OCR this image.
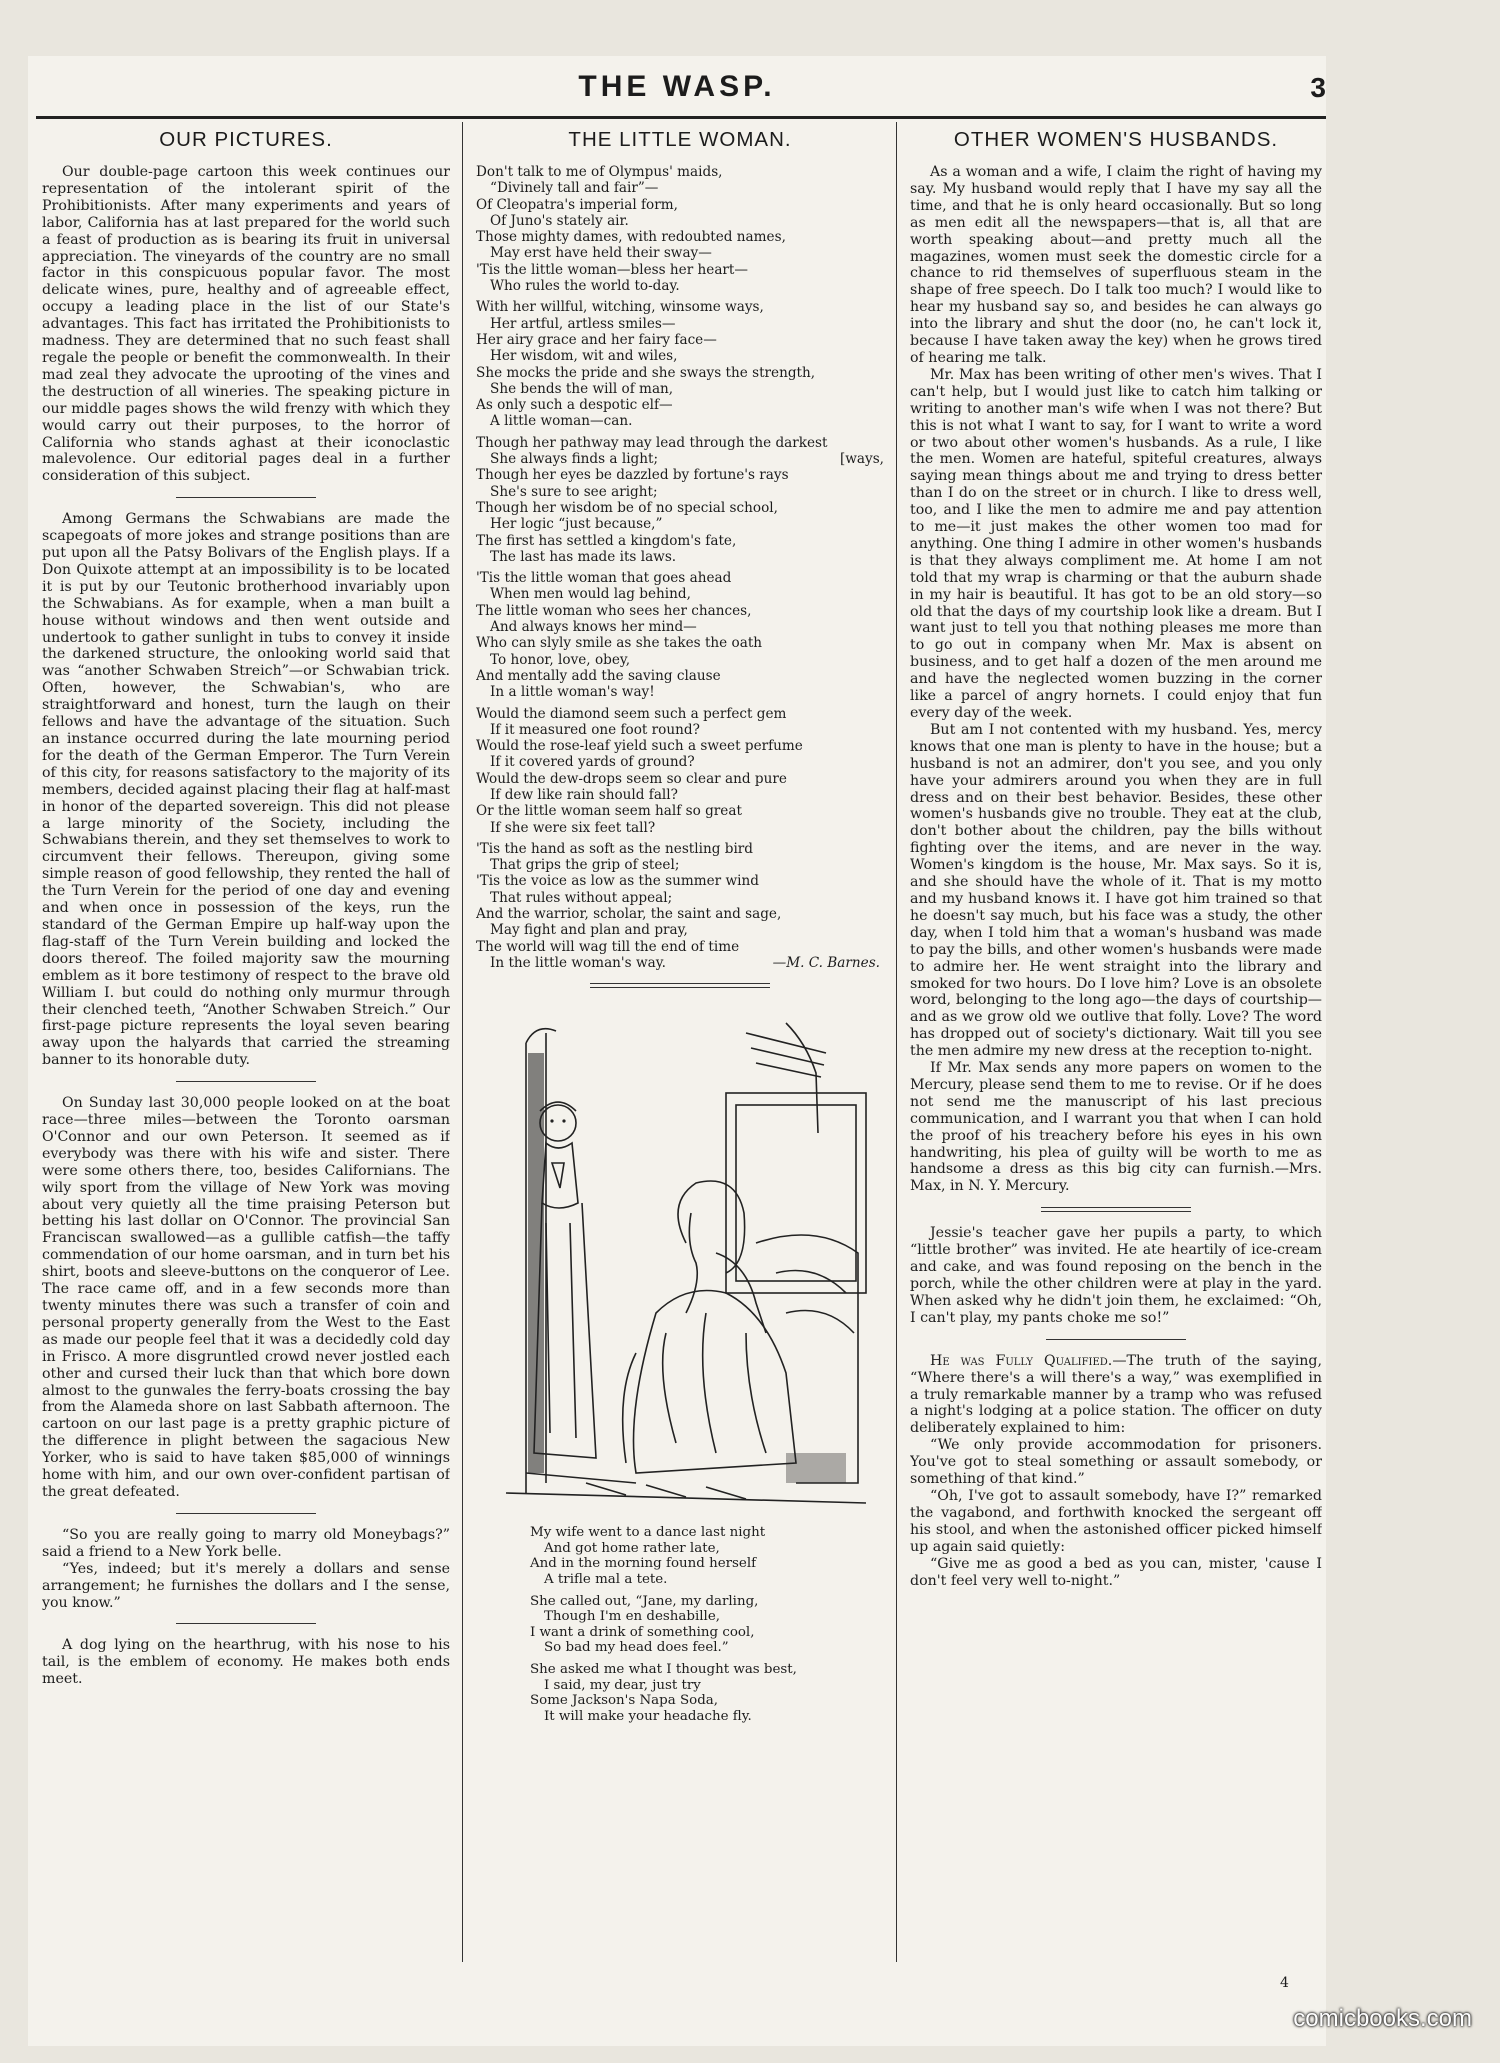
THE WASP.	3
OUR PICTURES.

Our double-page cartoon this week continues our representation of the intolerant spirit of the Prohibitionists. After many experiments and years of labor, California has at last prepared for the world such a feast of production as is bearing its fruit in universal appreciation. The vineyards of the country are no small factor in this conspicuous popular favor. The most delicate wines, pure, healthy and of agreeable effect, occupy a leading place in the list of our State's advantages. This fact has irritated the Prohibitionists to madness. They are determined that no such feast shall regale the people or benefit the commonwealth. In their mad zeal they advocate the uprooting of the vines and the destruction of all wineries. The speaking picture in our middle pages shows the wild frenzy with which they would carry out their purposes, to the horror of California who stands aghast at their iconoclastic malevolence. Our editorial pages deal in a further consideration of this subject.

Among Germans the Schwabians are made the scapegoats of more jokes and strange positions than are put upon all the Patsy Bolivars of the English plays. If a Don Quixote attempt at an impossibility is to be located it is put by our Teutonic brotherhood invariably upon the Schwabians. As for example, when a man built a house without windows and then went outside and undertook to gather sunlight in tubs to convey it inside the darkened structure, the onlooking world said that was “another Schwaben Streich”—or Schwabian trick. Often, however, the Schwabian's, who are straightforward and honest, turn the laugh on their fellows and have the advantage of the situation. Such an instance occurred during the late mourning period for the death of the German Emperor. The Turn Verein of this city, for reasons satisfactory to the majority of its members, decided against placing their flag at half-mast in honor of the departed sovereign. This did not please a large minority of the Society, including the Schwabians therein, and they set themselves to work to circumvent their fellows. Thereupon, giving some simple reason of good fellowship, they rented the hall of the Turn Verein for the period of one day and evening and when once in possession of the keys, run the standard of the German Empire up half-way upon the flag-staff of the Turn Verein building and locked the doors thereof. The foiled majority saw the mourning emblem as it bore testimony of respect to the brave old William I. but could do nothing only murmur through their clenched teeth, “Another Schwaben Streich.” Our first-page picture represents the loyal seven bearing away upon the halyards that carried the streaming banner to its honorable duty.

On Sunday last 30,000 people looked on at the boat race—three miles—between the Toronto oarsman O'Connor and our own Peterson. It seemed as if everybody was there with his wife and sister. There were some others there, too, besides Californians. The wily sport from the village of New York was moving about very quietly all the time praising Peterson but betting his last dollar on O'Connor. The provincial San Franciscan swallowed—as a gullible catfish—the taffy commendation of our home oarsman, and in turn bet his shirt, boots and sleeve-buttons on the conqueror of Lee. The race came off, and in a few seconds more than twenty minutes there was such a transfer of coin and personal property generally from the West to the East as made our people feel that it was a decidedly cold day in Frisco. A more disgruntled crowd never jostled each other and cursed their luck than that which bore down almost to the gunwales the ferry-boats crossing the bay from the Alameda shore on last Sabbath afternoon. The cartoon on our last page is a pretty graphic picture of the difference in plight between the sagacious New Yorker, who is said to have taken $85,000 of winnings home with him, and our own over-confident partisan of the great defeated.

“So you are really going to marry old Moneybags?” said a friend to a New York belle.

“Yes, indeed; but it's merely a dollars and sense arrangement; he furnishes the dollars and I the sense, you know.”

A dog lying on the hearthrug, with his nose to his tail, is the emblem of economy. He makes both ends meet.

THE LITTLE WOMAN.
Don't talk to me of Olympus' maids,
“Divinely tall and fair”—
Of Cleopatra's imperial form,
Of Juno's stately air.
Those mighty dames, with redoubted names,
May erst have held their sway—
'Tis the little woman—bless her heart—
Who rules the world to-day.
With her willful, witching, winsome ways,
Her artful, artless smiles—
Her airy grace and her fairy face—
Her wisdom, wit and wiles,
She mocks the pride and she sways the strength,
She bends the will of man,
As only such a despotic elf—
A little woman—can.
Though her pathway may lead through the darkest
She always finds a light;	[ways,
Though her eyes be dazzled by fortune's rays
She's sure to see aright;
Though her wisdom be of no special school,
Her logic “just because,”
The first has settled a kingdom's fate,
The last has made its laws.
'Tis the little woman that goes ahead
When men would lag behind,
The little woman who sees her chances,
And always knows her mind—
Who can slyly smile as she takes the oath
To honor, love, obey,
And mentally add the saving clause
In a little woman's way!
Would the diamond seem such a perfect gem
If it measured one foot round?
Would the rose-leaf yield such a sweet perfume
If it covered yards of ground?
Would the dew-drops seem so clear and pure
If dew like rain should fall?
Or the little woman seem half so great
If she were six feet tall?
'Tis the hand as soft as the nestling bird
That grips the grip of steel;
'Tis the voice as low as the summer wind
That rules without appeal;
And the warrior, scholar, the saint and sage,
May fight and plan and pray,
The world will wag till the end of time
In the little woman's way.	—M. C. Barnes.
My wife went to a dance last night
And got home rather late,
And in the morning found herself
A trifle mal a tete.
She called out, “Jane, my darling,
Though I'm en deshabille,
I want a drink of something cool,
So bad my head does feel.”
She asked me what I thought was best,
I said, my dear, just try
Some Jackson's Napa Soda,
It will make your headache fly.
OTHER WOMEN'S HUSBANDS.

As a woman and a wife, I claim the right of having my say. My husband would reply that I have my say all the time, and that he is only heard occasionally. But so long as men edit all the newspapers—that is, all that are worth speaking about—and pretty much all the magazines, women must seek the domestic circle for a chance to rid themselves of superfluous steam in the shape of free speech. Do I talk too much? I would like to hear my husband say so, and besides he can always go into the library and shut the door (no, he can't lock it, because I have taken away the key) when he grows tired of hearing me talk.

Mr. Max has been writing of other men's wives. That I can't help, but I would just like to catch him talking or writing to another man's wife when I was not there? But this is not what I want to say, for I want to write a word or two about other women's husbands. As a rule, I like the men. Women are hateful, spiteful creatures, always saying mean things about me and trying to dress better than I do on the street or in church. I like to dress well, too, and I like the men to admire me and pay attention to me—it just makes the other women too mad for anything. One thing I admire in other women's husbands is that they always compliment me. At home I am not told that my wrap is charming or that the auburn shade in my hair is beautiful. It has got to be an old story—so old that the days of my courtship look like a dream. But I want just to tell you that nothing pleases me more than to go out in company when Mr. Max is absent on business, and to get half a dozen of the men around me and have the neglected women buzzing in the corner like a parcel of angry hornets. I could enjoy that fun every day of the week.

But am I not contented with my husband. Yes, mercy knows that one man is plenty to have in the house; but a husband is not an admirer, don't you see, and you only have your admirers around you when they are in full dress and on their best behavior. Besides, these other women's husbands give no trouble. They eat at the club, don't bother about the children, pay the bills without fighting over the items, and are never in the way. Women's kingdom is the house, Mr. Max says. So it is, and she should have the whole of it. That is my motto and my husband knows it. I have got him trained so that he doesn't say much, but his face was a study, the other day, when I told him that a woman's husband was made to pay the bills, and other women's husbands were made to admire her. He went straight into the library and smoked for two hours. Do I love him? Love is an obsolete word, belonging to the long ago—the days of courtship—and as we grow old we outlive that folly. Love? The word has dropped out of society's dictionary. Wait till you see the men admire my new dress at the reception to-night.

If Mr. Max sends any more papers on women to the Mercury, please send them to me to revise. Or if he does not send me the manuscript of his last precious communication, and I warrant you that when I can hold the proof of his treachery before his eyes in his own handwriting, his plea of guilty will be worth to me as handsome a dress as this big city can furnish.—Mrs. Max, in N. Y. Mercury.

Jessie's teacher gave her pupils a party, to which “little brother” was invited. He ate heartily of ice-cream and cake, and was found reposing on the bench in the porch, while the other children were at play in the yard. When asked why he didn't join them, he exclaimed: “Oh, I can't play, my pants choke me so!”

He was Fully Qualified.—The truth of the saying, “Where there's a will there's a way,” was exemplified in a truly remarkable manner by a tramp who was refused a night's lodging at a police station. The officer on duty deliberately explained to him:

“We only provide accommodation for prisoners. You've got to steal something or assault somebody, or something of that kind.”

“Oh, I've got to assault somebody, have I?” remarked the vagabond, and forthwith knocked the sergeant off his stool, and when the astonished officer picked himself up again said quietly:

“Give me as good a bed as you can, mister, 'cause I don't feel very well to-night.”

4
comicbooks.com
